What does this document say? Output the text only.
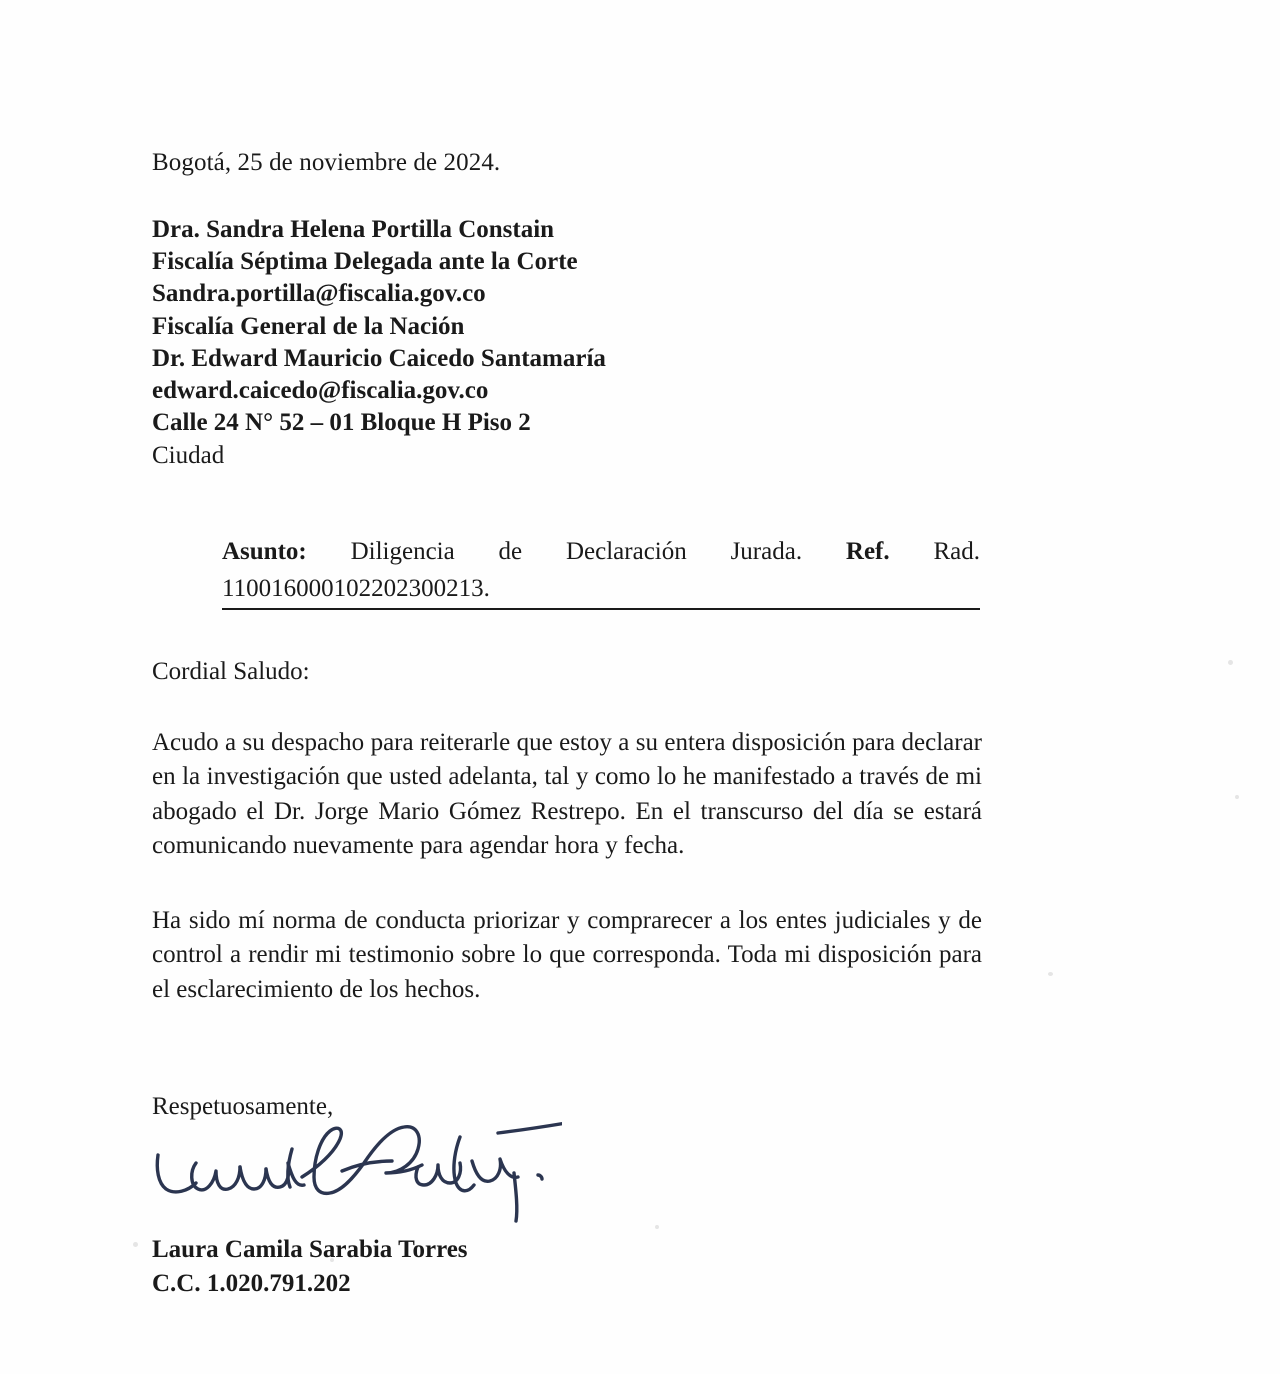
Bogotá, 25 de noviembre de 2024.
Dra. Sandra Helena Portilla Constain
Fiscalía Séptima Delegada ante la Corte
Sandra.portilla@fiscalia.gov.co
Fiscalía General de la Nación
Dr. Edward Mauricio Caicedo Santamaría
edward.caicedo@fiscalia.gov.co
Calle 24 N° 52 – 01 Bloque H Piso 2
Ciudad
Asunto: Diligencia de Declaración Jurada. Ref. Rad.
110016000102202300213.
Cordial Saludo:
Acudo a su despacho para reiterarle que estoy a su entera disposición para declarar en la investigación que usted adelanta, tal y como lo he manifestado a través de mi abogado el Dr. Jorge Mario Gómez Restrepo. En el transcurso del día se estará comunicando nuevamente para agendar hora y fecha.
Ha sido mí norma de conducta priorizar y comprarecer a los entes judiciales y de control a rendir mi testimonio sobre lo que corresponda. Toda mi disposición para el esclarecimiento de los hechos.
Respetuosamente,
Laura Camila Sarabia Torres
C.C. 1.020.791.202
